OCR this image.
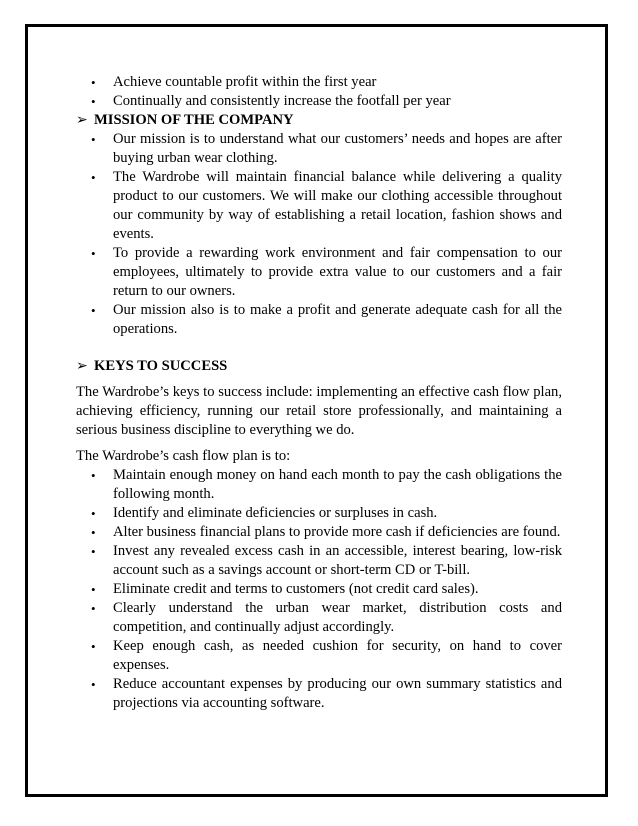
• Achieve countable profit within the first year
• Continually and consistently increase the footfall per year
➢ MISSION OF THE COMPANY
• Our mission is to understand what our customers’ needs and hopes are after buying urban wear clothing.
• The Wardrobe will maintain financial balance while delivering a quality product to our customers. We will make our clothing accessible throughout our community by way of establishing a retail location, fashion shows and events.
• To provide a rewarding work environment and fair compensation to our employees, ultimately to provide extra value to our customers and a fair return to our owners.
• Our mission also is to make a profit and generate adequate cash for all the operations.
➢ KEYS TO SUCCESS

The Wardrobe’s keys to success include: implementing an effective cash flow plan, achieving efficiency, running our retail store professionally, and maintaining a serious business discipline to everything we do.

The Wardrobe’s cash flow plan is to:

• Maintain enough money on hand each month to pay the cash obligations the following month.
• Identify and eliminate deficiencies or surpluses in cash.
• Alter business financial plans to provide more cash if deficiencies are found.
• Invest any revealed excess cash in an accessible, interest bearing, low-risk account such as a savings account or short-term CD or T-bill.
• Eliminate credit and terms to customers (not credit card sales).
• Clearly understand the urban wear market, distribution costs and competition, and continually adjust accordingly.
• Keep enough cash, as needed cushion for security, on hand to cover expenses.
• Reduce accountant expenses by producing our own summary statistics and projections via accounting software.
